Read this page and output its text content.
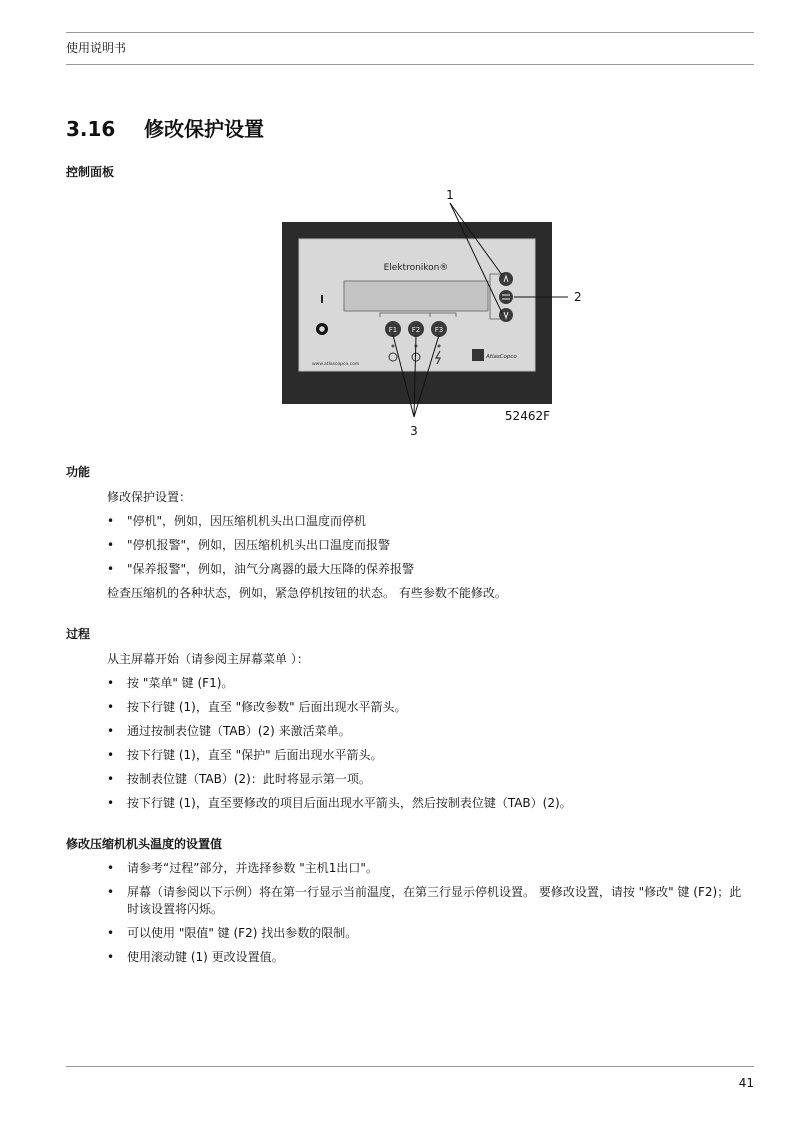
使用说明书
3.16 修改保护设置
控制面板
Elektronikon®
F1 F2 F3
www.atlascopco.com
AtlasCopco
1
2
3
52462F
功能
修改保护设置：
• "停机"，例如，因压缩机机头出口温度而停机
• "停机报警"，例如，因压缩机机头出口温度而报警
• "保养报警"，例如，油气分离器的最大压降的保养报警
检查压缩机的各种状态，例如，紧急停机按钮的状态。 有些参数不能修改。
过程
从主屏幕开始（请参阅主屏幕菜单 ）：
• 按 "菜单" 键 (F1)。
• 按下行键 (1)，直至 "修改参数" 后面出现水平箭头。
• 通过按制表位键（TAB）(2) 来激活菜单。
• 按下行键 (1)，直至 "保护" 后面出现水平箭头。
• 按制表位键（TAB）(2)：此时将显示第一项。
• 按下行键 (1)，直至要修改的项目后面出现水平箭头，然后按制表位键（TAB）(2)。
修改压缩机机头温度的设置值
• 请参考“过程”部分，并选择参数 "主机1出口"。
• 屏幕（请参阅以下示例）将在第一行显示当前温度，在第三行显示停机设置。 要修改设置，请按 "修改" 键 (F2)；此时该设置将闪烁。
• 可以使用 "限值" 键 (F2) 找出参数的限制。
• 使用滚动键 (1) 更改设置值。
41
